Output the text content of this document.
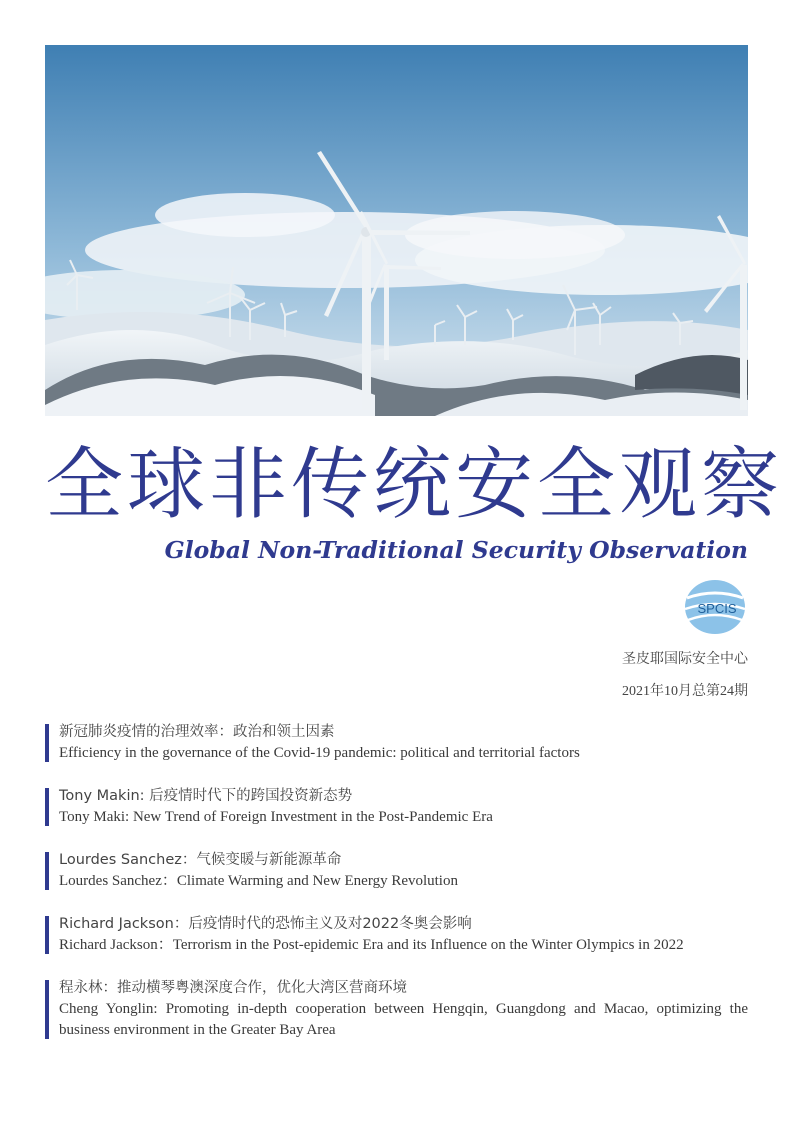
全球非传统安全观察
Global Non-Traditional Security Observation
SPCIS
圣皮耶国际安全中心
2021年10月总第24期
新冠肺炎疫情的治理效率：政治和领土因素
Efficiency in the governance of the Covid-19 pandemic: political and territorial factors
Tony Makin: 后疫情时代下的跨国投资新态势
Tony Maki: New Trend of Foreign Investment in the Post-Pandemic Era
Lourdes Sanchez：气候变暖与新能源革命
Lourdes Sanchez：Climate Warming and New Energy Revolution
Richard Jackson：后疫情时代的恐怖主义及对2022冬奥会影响
Richard Jackson：Terrorism in the Post-epidemic Era and its Influence on the Winter Olympics in 2022
程永林：推动横琴粤澳深度合作，优化大湾区营商环境
Cheng Yonglin: Promoting in-depth cooperation between Hengqin, Guangdong and Macao, optimizing the business environment in the Greater Bay Area
